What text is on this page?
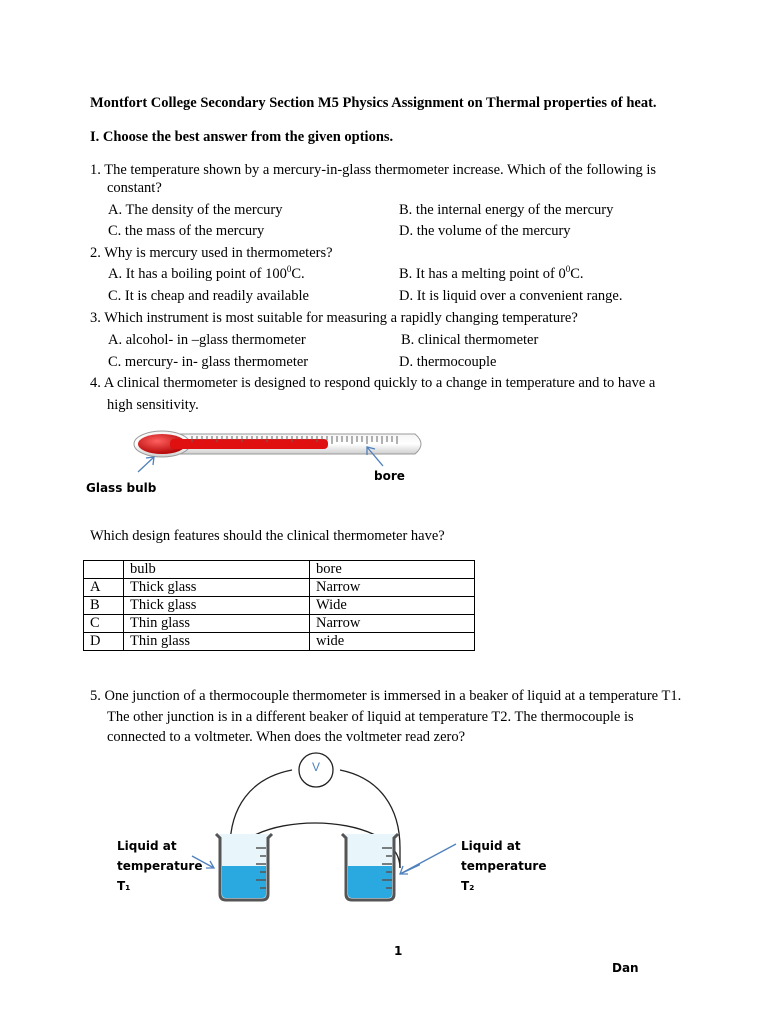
Montfort College Secondary Section M5 Physics Assignment on Thermal properties of heat.
I. Choose the best answer from the given options.
1. The temperature shown by a mercury-in-glass thermometer increase. Which of the following is
constant?
A. The density of the mercury	B. the internal energy of the mercury
C. the mass of the mercury	D. the volume of the mercury
2. Why is mercury used in thermometers?
A. It has a boiling point of $100^0C$.	B. It has a melting point of $0^0C$.
C. It is cheap and readily available	D. It is liquid over a convenient range.
3. Which instrument is most suitable for measuring a rapidly changing temperature?
A. alcohol- in –glass thermometer	B. clinical thermometer
C. mercury- in- glass thermometer	D. thermocouple
4. A clinical thermometer is designed to respond quickly to a change in temperature and to have a
high sensitivity.
Glass bulb
bore
Which design features should the clinical thermometer have?
	bulb	bore
A	Thick glass	Narrow
B	Thick glass	Wide
C	Thin glass	Narrow
D	Thin glass	wide
5. One junction of a thermocouple thermometer is immersed in a beaker of liquid at a temperature T1.
The other junction is in a different beaker of liquid at temperature T2. The thermocouple is
connected to a voltmeter. When does the voltmeter read zero?
V
Liquid at
temperature
T₁
Liquid at
temperature
T₂
1
Dan
